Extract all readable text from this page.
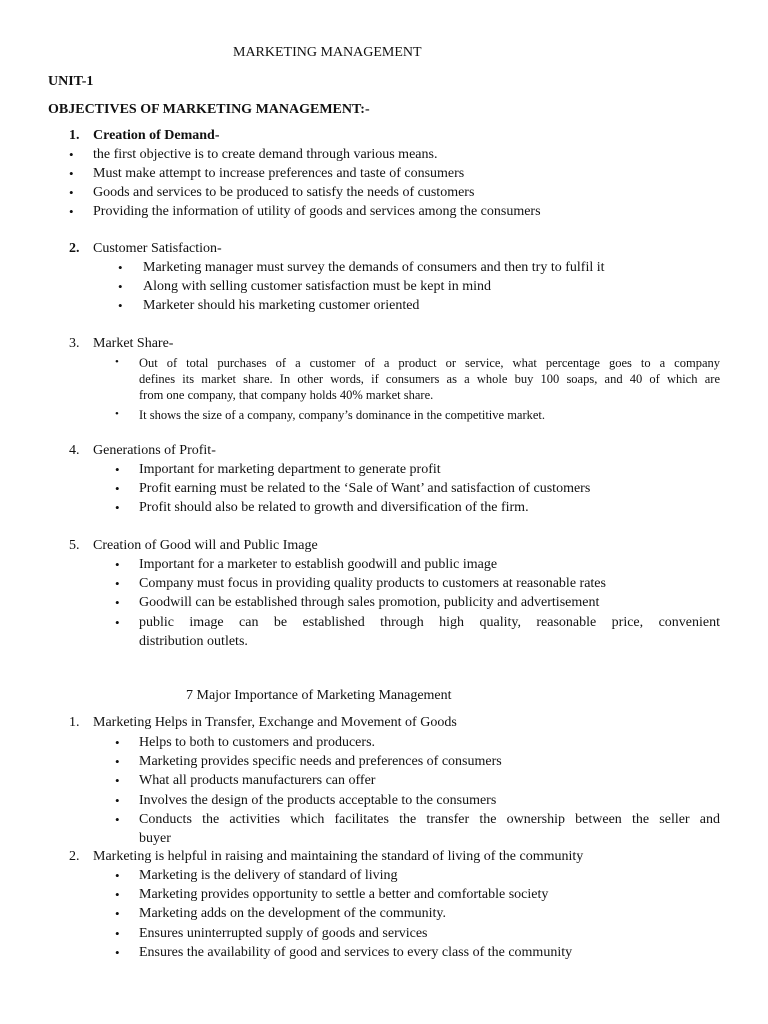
MARKETING MANAGEMENT
UNIT-1
OBJECTIVES OF MARKETING MANAGEMENT:-
1. Creation of Demand-
• the first objective is to create demand through various means.
• Must make attempt to increase preferences and taste of consumers
• Goods and services to be produced to satisfy the needs of customers
• Providing the information of utility of goods and services among the consumers
2. Customer Satisfaction-
• Marketing manager must survey the demands of consumers and then try to fulfil it
• Along with selling customer satisfaction must be kept in mind
• Marketer should his marketing customer oriented
3. Market Share-
• Out of total purchases of a customer of a product or service, what percentage goes to a company
defines its market share. In other words, if consumers as a whole buy 100 soaps, and 40 of which are
from one company, that company holds 40% market share.
• It shows the size of a company, company’s dominance in the competitive market.
4. Generations of Profit-
• Important for marketing department to generate profit
• Profit earning must be related to the ‘Sale of Want’ and satisfaction of customers
• Profit should also be related to growth and diversification of the firm.
5. Creation of Good will and Public Image
• Important for a marketer to establish goodwill and public image
• Company must focus in providing quality products to customers at reasonable rates
• Goodwill can be established through sales promotion, publicity and advertisement
• public image can be established through high quality, reasonable price, convenient
distribution outlets.
7 Major Importance of Marketing Management
1. Marketing Helps in Transfer, Exchange and Movement of Goods
• Helps to both to customers and producers.
• Marketing provides specific needs and preferences of consumers
• What all products manufacturers can offer
• Involves the design of the products acceptable to the consumers
• Conducts the activities which facilitates the transfer the ownership between the seller and
buyer
2. Marketing is helpful in raising and maintaining the standard of living of the community
• Marketing is the delivery of standard of living
• Marketing provides opportunity to settle a better and comfortable society
• Marketing adds on the development of the community.
• Ensures uninterrupted supply of goods and services
• Ensures the availability of good and services to every class of the community
